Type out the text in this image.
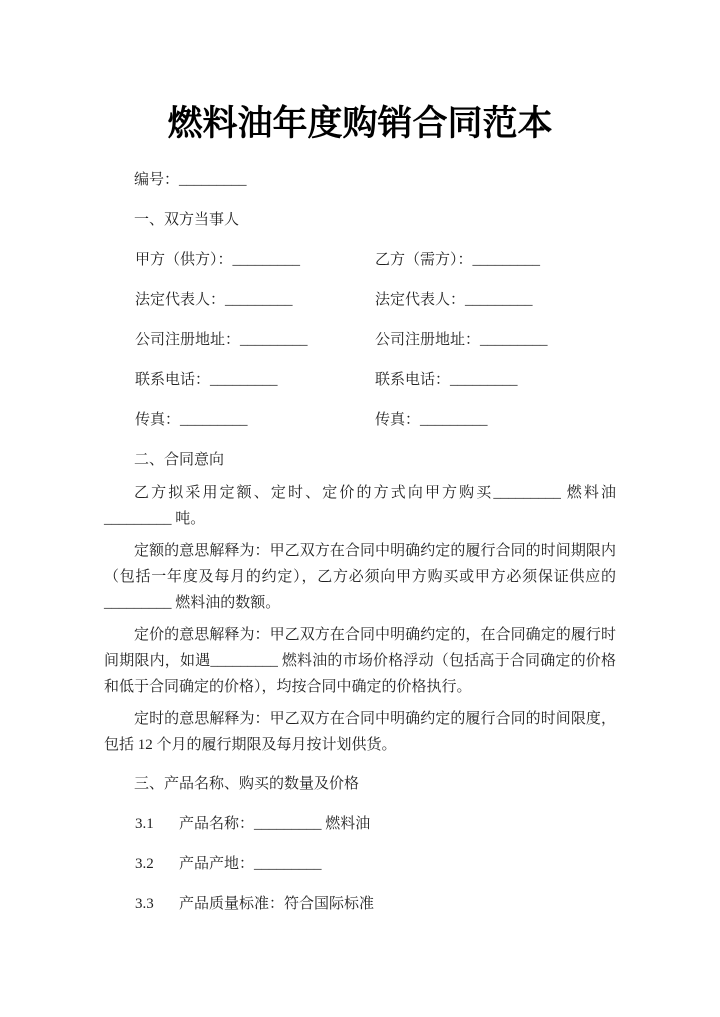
燃料油年度购销合同范本

编号：_________

一、双方当事人

甲方（供方）：_________	乙方（需方）：_________
法定代表人：_________	法定代表人：_________
公司注册地址：_________	公司注册地址：_________
联系电话：_________	联系电话：_________
传真：_________	传真：_________

二、合同意向

乙方拟采用定额、定时、定价的方式向甲方购买_________ 燃料油_________ 吨。

定额的意思解释为：甲乙双方在合同中明确约定的履行合同的时间期限内（包括一年度及每月的约定），乙方必须向甲方购买或甲方必须保证供应的_________ 燃料油的数额。

定价的意思解释为：甲乙双方在合同中明确约定的，在合同确定的履行时间期限内，如遇_________ 燃料油的市场价格浮动（包括高于合同确定的价格和低于合同确定的价格），均按合同中确定的价格执行。

定时的意思解释为：甲乙双方在合同中明确约定的履行合同的时间限度，包括 12 个月的履行期限及每月按计划供货。

三、产品名称、购买的数量及价格

3.1	产品名称：_________ 燃料油
3.2	产品产地：_________
3.3	产品质量标准：符合国际标准
